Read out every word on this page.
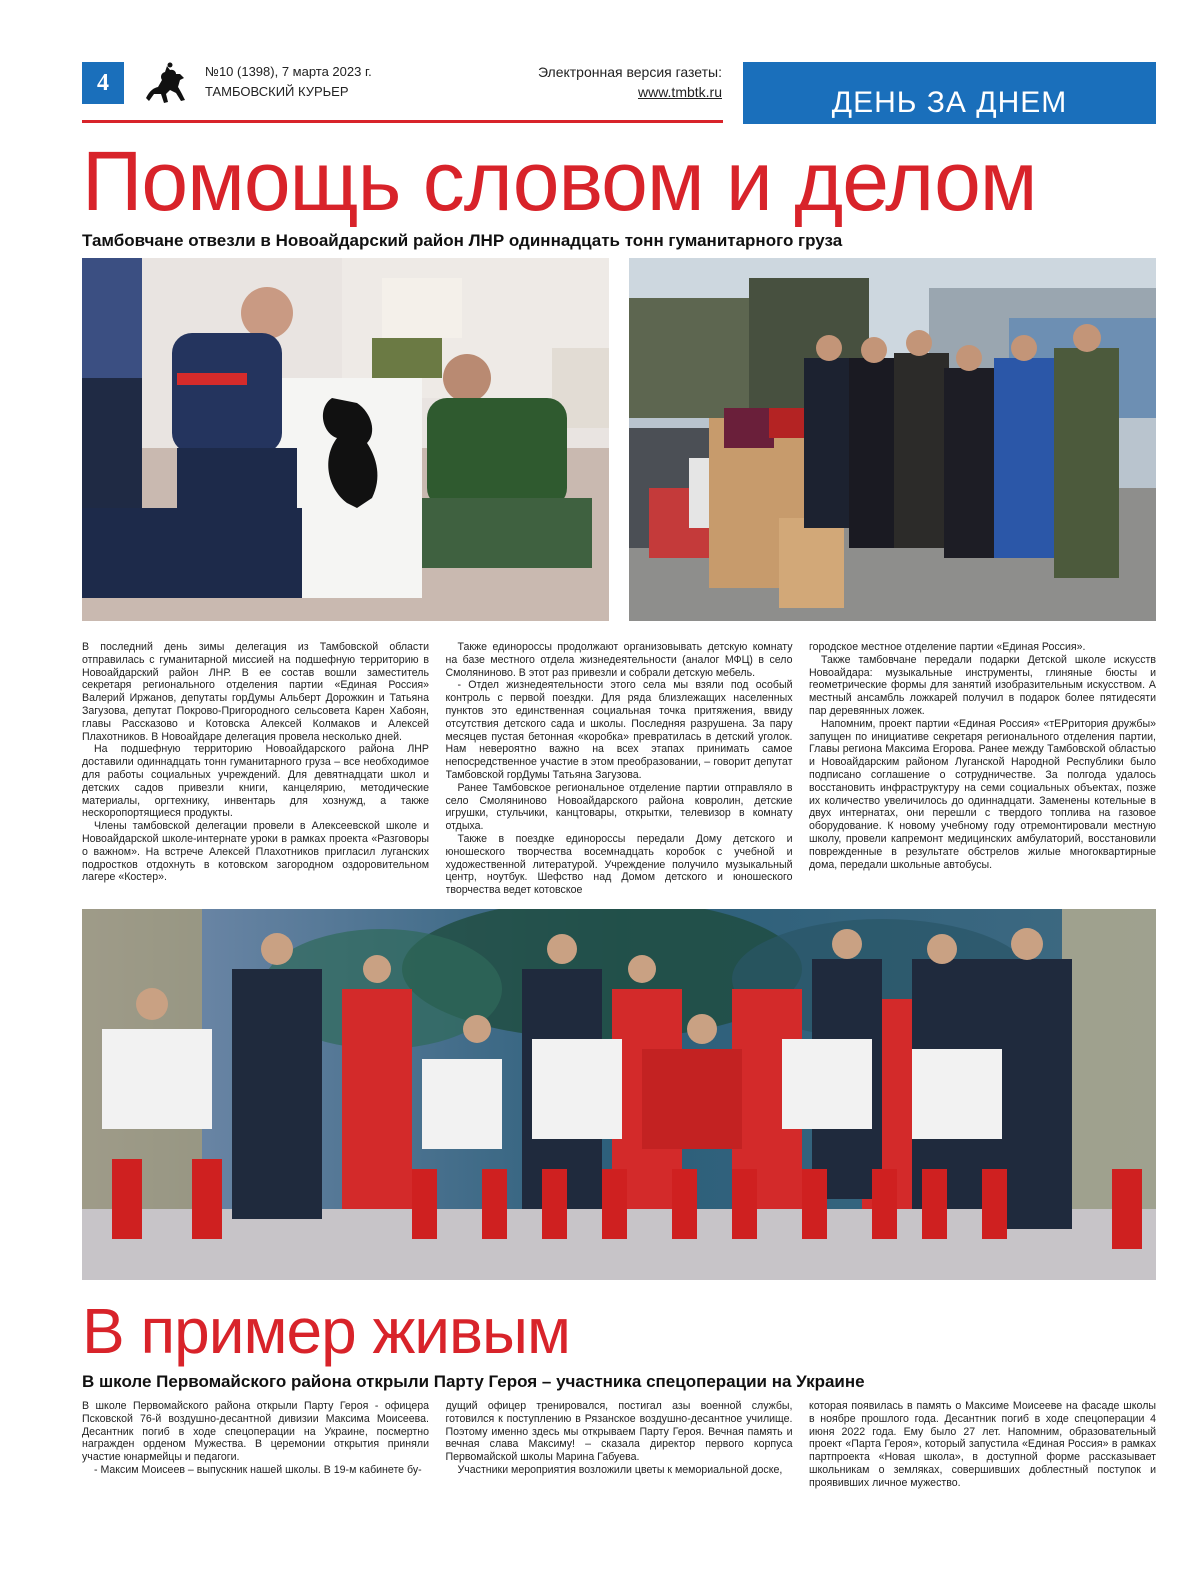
4	№10 (1398), 7 марта 2023 г.
ТАМБОВСКИЙ КУРЬЕР
Электронная версия газеты:
www.tmbtk.ru	ДЕНЬ ЗА ДНЕМ
Помощь словом и делом
Тамбовчане отвезли в Новоайдарский район ЛНР одиннадцать тонн гуманитарного груза

В последний день зимы делегация из Тамбовской области отправилась с гуманитарной миссией на подшефную территорию в Новоайдарский район ЛНР. В ее состав вошли заместитель секретаря регионального отделения партии «Единая Россия» Валерий Иржанов, депутаты горДумы Альберт Дорожкин и Татьяна Загузова, депутат Покрово-Пригородного сельсовета Карен Хабоян, главы Рассказово и Котовска Алексей Колмаков и Алексей Плахотников. В Новоайдаре делегация провела несколько дней.

На подшефную территорию Новоайдарского района ЛНР доставили одиннадцать тонн гуманитарного груза – все необходимое для работы социальных учреждений. Для девятнадцати школ и детских садов привезли книги, канцелярию, методические материалы, оргтехнику, инвентарь для хознужд, а также нескоропортящиеся продукты.

Члены тамбовской делегации провели в Алексеевской школе и Новоайдарской школе-интернате уроки в рамках проекта «Разговоры о важном». На встрече Алексей Плахотников пригласил луганских подростков отдохнуть в котовском загородном оздоровительном лагере «Костер».

Также единороссы продолжают организовывать детскую комнату на базе местного отдела жизнедеятельности (аналог МФЦ) в село Смоляниново. В этот раз привезли и собрали детскую мебель.

- Отдел жизнедеятельности этого села мы взяли под особый контроль с первой поездки. Для ряда близлежащих населенных пунктов это единственная социальная точка притяжения, ввиду отсутствия детского сада и школы. Последняя разрушена. За пару месяцев пустая бетонная «коробка» превратилась в детский уголок. Нам невероятно важно на всех этапах принимать самое непосредственное участие в этом преобразовании, – говорит депутат Тамбовской горДумы Татьяна Загузова.

Ранее Тамбовское региональное отделение партии отправляло в село Смоляниново Новоайдарского района ковролин, детские игрушки, стульчики, канцтовары, открытки, телевизор в комнату отдыха.

Также в поездке единороссы передали Дому детского и юношеского творчества восемнадцать коробок с учебной и художественной литературой. Учреждение получило музыкальный центр, ноутбук. Шефство над Домом детского и юношеского творчества ведет котовское

городское местное отделение партии «Единая Россия».

Также тамбовчане передали подарки Детской школе искусств Новоайдара: музыкальные инструменты, глиняные бюсты и геометрические формы для занятий изобразительным искусством. А местный ансамбль ложкарей получил в подарок более пятидесяти пар деревянных ложек.

Напомним, проект партии «Единая Россия» «тЕРритория дружбы» запущен по инициативе секретаря регионального отделения партии, Главы региона Максима Егорова. Ранее между Тамбовской областью и Новоайдарским районом Луганской Народной Республики было подписано соглашение о сотрудничестве. За полгода удалось восстановить инфраструктуру на семи социальных объектах, позже их количество увеличилось до одиннадцати. Заменены котельные в двух интернатах, они перешли с твердого топлива на газовое оборудование. К новому учебному году отремонтировали местную школу, провели капремонт медицинских амбулаторий, восстановили поврежденные в результате обстрелов жилые многоквартирные дома, передали школьные автобусы.

В пример живым
В школе Первомайского района открыли Парту Героя – участника спецоперации на Украине

В школе Первомайского района открыли Парту Героя - офицера Псковской 76-й воздушно-десантной дивизии Максима Моисеева. Десантник погиб в ходе спецоперации на Украине, посмертно награжден орденом Мужества. В церемонии открытия приняли участие юнармейцы и педагоги.

- Максим Моисеев – выпускник нашей школы. В 19-м кабинете бу-

дущий офицер тренировался, постигал азы военной службы, готовился к поступлению в Рязанское воздушно-десантное училище. Поэтому именно здесь мы открываем Парту Героя. Вечная память и вечная слава Максиму! – сказала директор первого корпуса Первомайской школы Марина Габуева.

Участники мероприятия возложили цветы к мемориальной доске,

которая появилась в память о Максиме Моисееве на фасаде школы в ноябре прошлого года. Десантник погиб в ходе спецоперации 4 июня 2022 года. Ему было 27 лет. Напомним, образовательный проект «Парта Героя», который запустила «Единая Россия» в рамках партпроекта «Новая школа», в доступной форме рассказывает школьникам о земляках, совершивших доблестный поступок и проявивших личное мужество.
